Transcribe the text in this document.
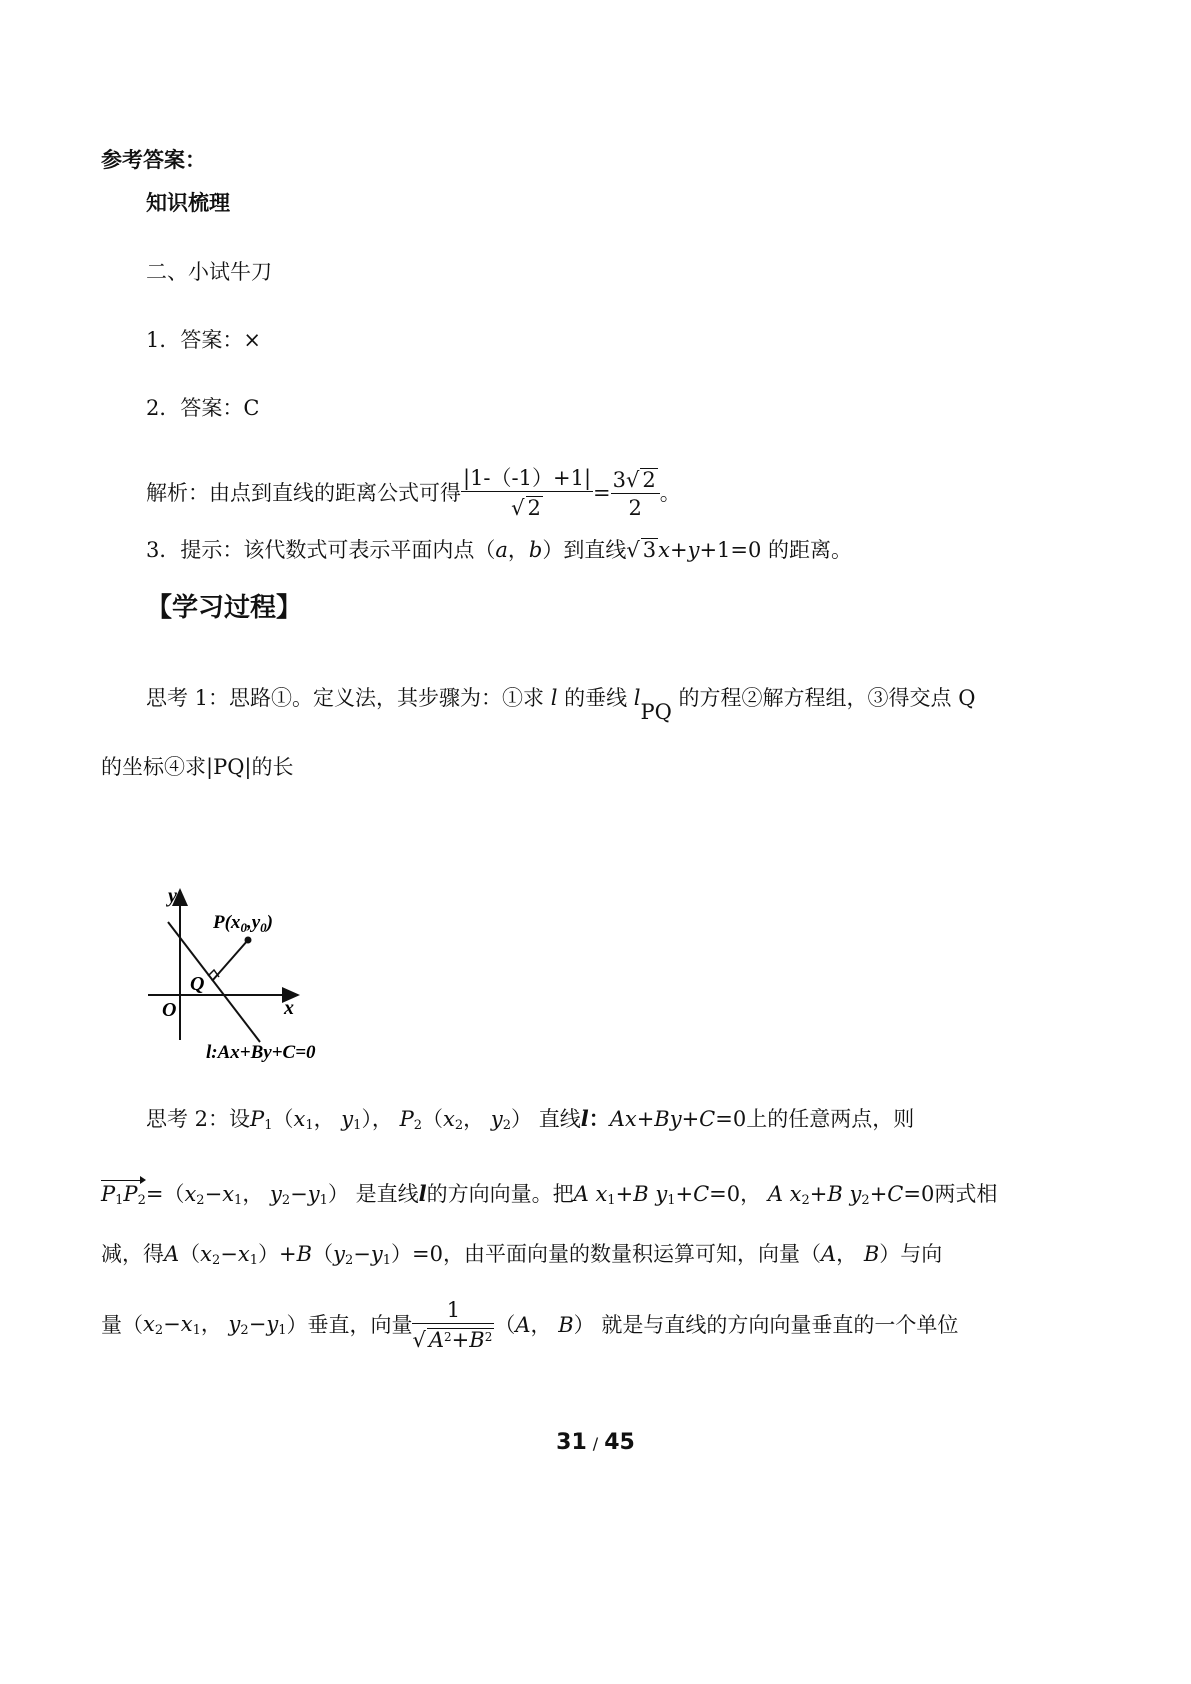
参考答案：
知识梳理
二、小试牛刀
1．答案：×
2．答案：C
解析：由点到直线的距离公式可得 $\frac{|1-(-1)+1|}{√ 2} = \frac{3√ 2}{2}$ 。
3．提示：该代数式可表示平面内点（a，b）到直线√ 3x+y+1=0 的距离。
【学习过程】
思考 1：思路①。定义法，其步骤为：①求 l 的垂线 lPQ 的方程②解方程组，③得交点 Q
的坐标④求|PQ|的长
y
x
O
Q
$P(x_0,y_0)$
l:Ax+By+C=0
思考 2：设$P_1(x_1$， $y_1$）， $P_2(x_2$， $y_2$） 直线l：Ax+By+C=0上的任意两点，则
$P_1P_2=(x_2-x_1$， $y_2-y_1$） 是直线l的方向向量。把A $x_1+B$ $y_1+C=0$， A $x_2+B$ $y_2+C=0$两式相
减，得$A(x_2-x_1)+B(y_2-y_1)=0$，由平面向量的数量积运算可知，向量（A， B）与向
量（$x_2-x_1$， $y_2-y_1$）垂直，向量 $\frac{1}{√ A^2+B^2} (A$， B） 就是与直线的方向向量垂直的一个单位
31 / 45
